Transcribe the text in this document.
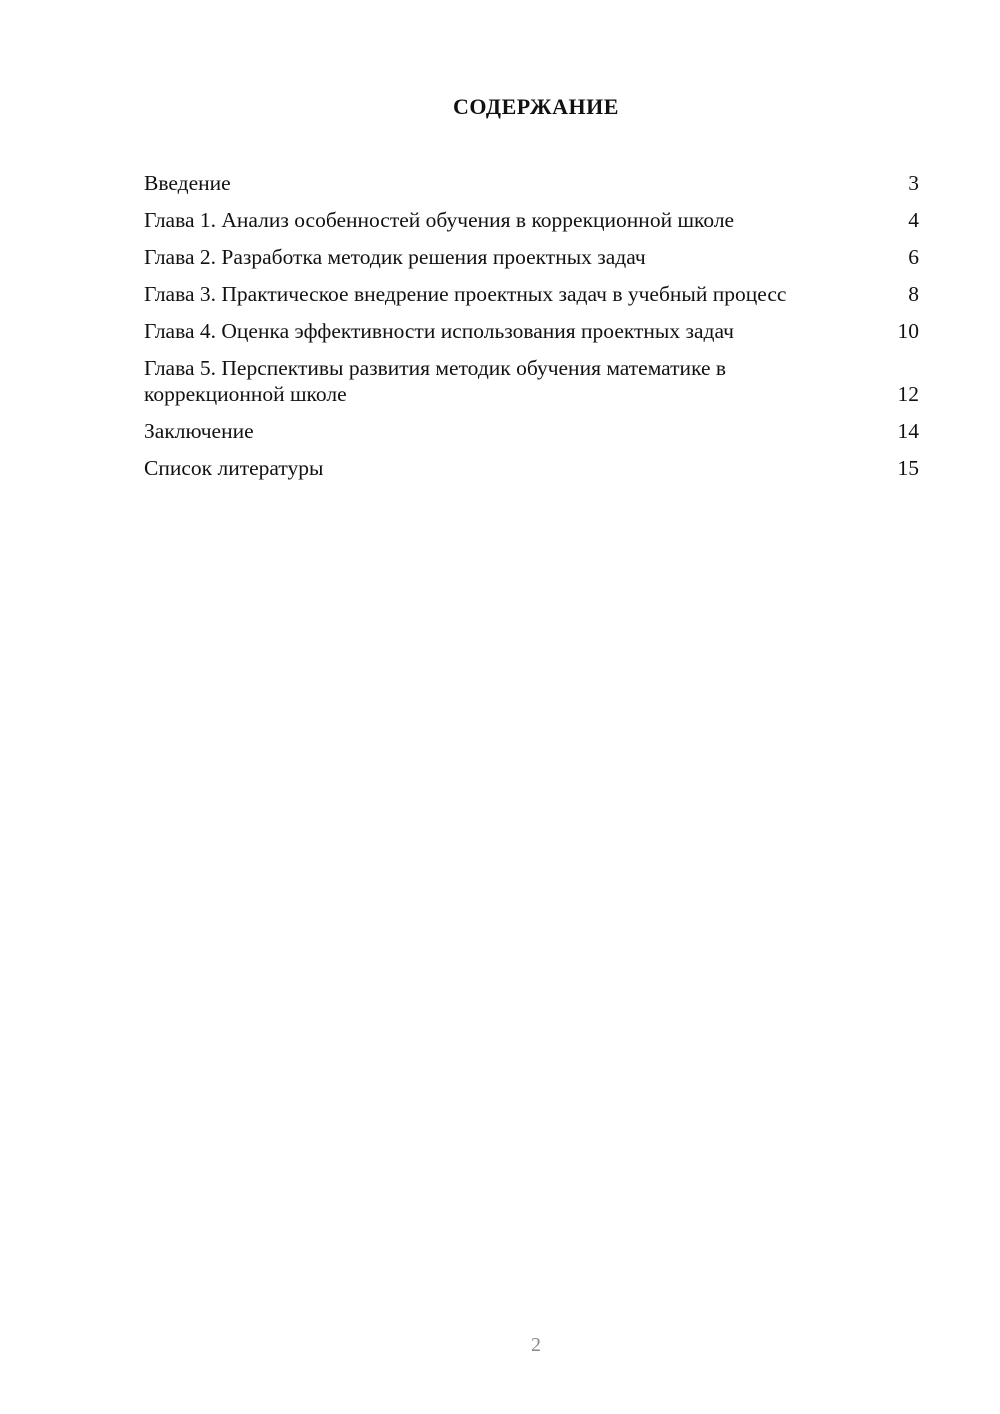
СОДЕРЖАНИЕ
Введение	3
Глава 1. Анализ особенностей обучения в коррекционной школе	4
Глава 2. Разработка методик решения проектных задач	6
Глава 3. Практическое внедрение проектных задач в учебный процесс	8
Глава 4. Оценка эффективности использования проектных задач	10
Глава 5. Перспективы развития методик обучения математике в коррекционной школе	12
Заключение	14
Список литературы	15
2
